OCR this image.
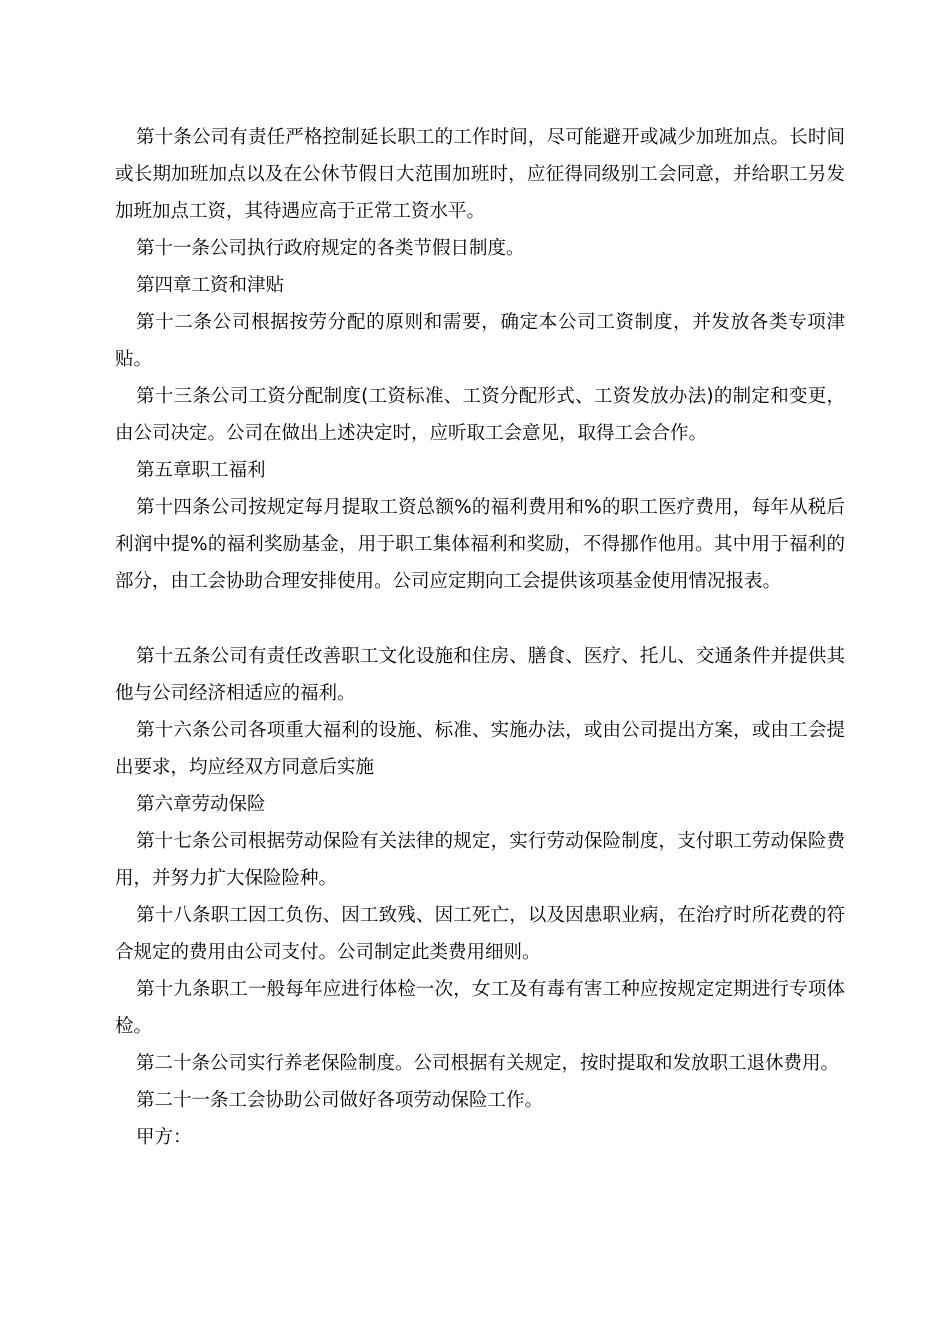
第十条公司有责任严格控制延长职工的工作时间，尽可能避开或减少加班加点。长时间或长期加班加点以及在公休节假日大范围加班时，应征得同级别工会同意，并给职工另发加班加点工资，其待遇应高于正常工资水平。

第十一条公司执行政府规定的各类节假日制度。

第四章工资和津贴

第十二条公司根据按劳分配的原则和需要，确定本公司工资制度，并发放各类专项津贴。

第十三条公司工资分配制度(工资标准、工资分配形式、工资发放办法)的制定和变更，由公司决定。公司在做出上述决定时，应听取工会意见，取得工会合作。

第五章职工福利

第十四条公司按规定每月提取工资总额%的福利费用和%的职工医疗费用，每年从税后利润中提%的福利奖励基金，用于职工集体福利和奖励，不得挪作他用。其中用于福利的部分，由工会协助合理安排使用。公司应定期向工会提供该项基金使用情况报表。

第十五条公司有责任改善职工文化设施和住房、膳食、医疗、托儿、交通条件并提供其他与公司经济相适应的福利。

第十六条公司各项重大福利的设施、标准、实施办法，或由公司提出方案，或由工会提出要求，均应经双方同意后实施

第六章劳动保险

第十七条公司根据劳动保险有关法律的规定，实行劳动保险制度，支付职工劳动保险费用，并努力扩大保险险种。

第十八条职工因工负伤、因工致残、因工死亡，以及因患职业病，在治疗时所花费的符合规定的费用由公司支付。公司制定此类费用细则。

第十九条职工一般每年应进行体检一次，女工及有毒有害工种应按规定定期进行专项体检。

第二十条公司实行养老保险制度。公司根据有关规定，按时提取和发放职工退休费用。

第二十一条工会协助公司做好各项劳动保险工作。

甲方：
